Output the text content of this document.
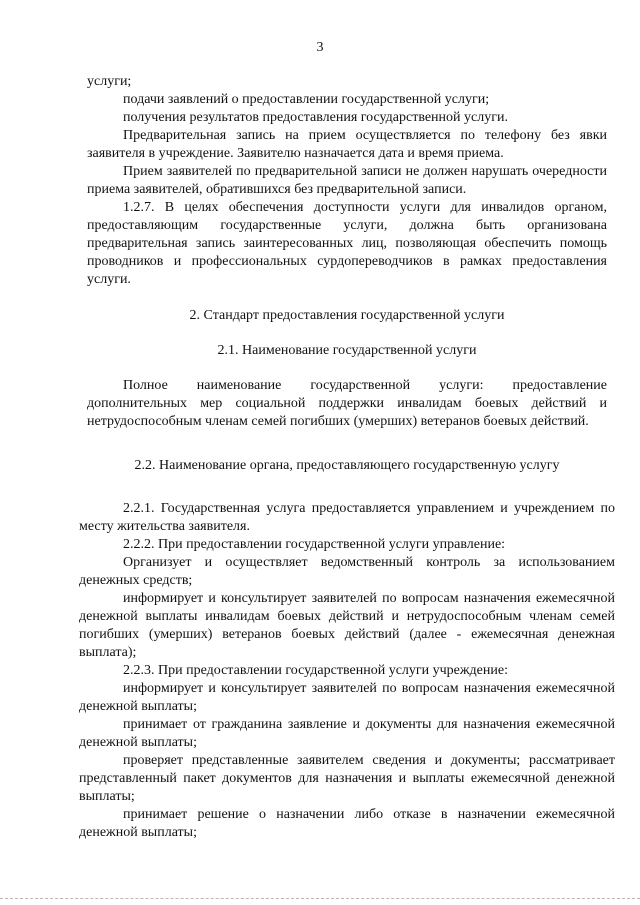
3

услуги;

подачи заявлений о предоставлении государственной услуги;

получения результатов предоставления государственной услуги.

Предварительная запись на прием осуществляется по телефону без явки заявителя в учреждение. Заявителю назначается дата и время приема.

Прием заявителей по предварительной записи не должен нарушать очередности приема заявителей, обратившихся без предварительной записи.

1.2.7. В целях обеспечения доступности услуги для инвалидов органом, предоставляющим государственные услуги, должна быть организована предварительная запись заинтересованных лиц, позволяющая обеспечить помощь проводников и профессиональных сурдопереводчиков в рамках предоставления услуги.

2. Стандарт предоставления государственной услуги
2.1. Наименование государственной услуги

Полное наименование государственной услуги: предоставление дополнительных мер социальной поддержки инвалидам боевых действий и нетрудоспособным членам семей погибших (умерших) ветеранов боевых действий.

2.2. Наименование органа, предоставляющего государственную услугу

2.2.1. Государственная услуга предоставляется управлением и учреждением по месту жительства заявителя.

2.2.2. При предоставлении государственной услуги управление:

Организует и осуществляет ведомственный контроль за использованием денежных средств;

информирует и консультирует заявителей по вопросам назначения ежемесячной денежной выплаты инвалидам боевых действий и нетрудоспособным членам семей погибших (умерших) ветеранов боевых действий (далее - ежемесячная денежная выплата);

2.2.3. При предоставлении государственной услуги учреждение:

информирует и консультирует заявителей по вопросам назначения ежемесячной денежной выплаты;

принимает от гражданина заявление и документы для назначения ежемесячной денежной выплаты;

проверяет представленные заявителем сведения и документы; рассматривает представленный пакет документов для назначения и выплаты ежемесячной денежной выплаты;

принимает решение о назначении либо отказе в назначении ежемесячной денежной выплаты;
